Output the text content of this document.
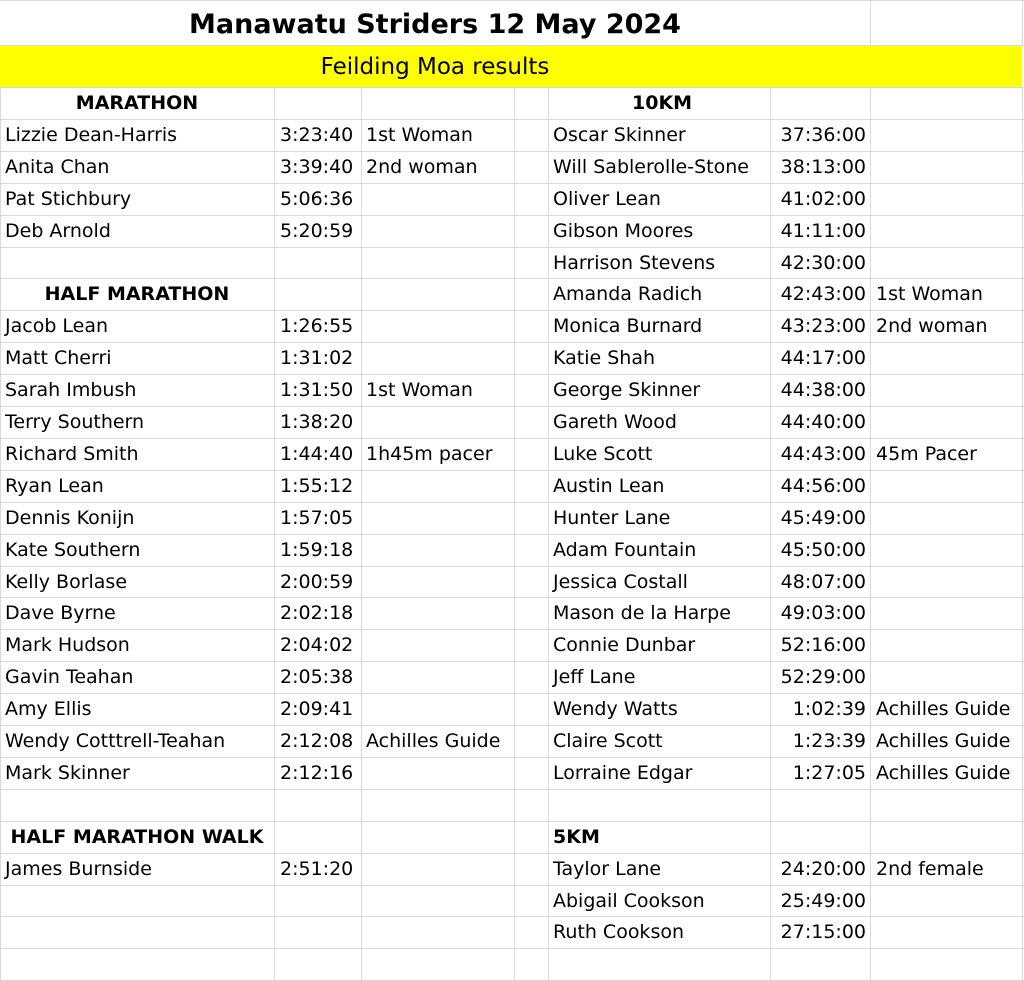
Manawatu Striders 12 May 2024
Feilding Moa results
MARATHON
Lizzie Dean-Harris	3:23:40 1st Woman
Anita Chan	3:39:40 2nd woman
Pat Stichbury	5:06:36
Deb Arnold	5:20:59
HALF MARATHON
Jacob Lean	1:26:55
Matt Cherri	1:31:02
Sarah Imbush	1:31:50 1st Woman
Terry Southern	1:38:20
Richard Smith	1:44:40 1h45m pacer
Ryan Lean	1:55:12
Dennis Konijn	1:57:05
Kate Southern	1:59:18
Kelly Borlase	2:00:59
Dave Byrne	2:02:18
Mark Hudson	2:04:02
Gavin Teahan	2:05:38
Amy Ellis	2:09:41
Wendy Cotttrell-Teahan	2:12:08 Achilles Guide
Mark Skinner	2:12:16
HALF MARATHON WALK
James Burnside	2:51:20
10KM
Oscar Skinner	37:36:00
Will Sablerolle-Stone 38:13:00
Oliver Lean	41:02:00
Gibson Moores	41:11:00
Harrison Stevens	42:30:00
Amanda Radich	42:43:00 1st Woman
Monica Burnard	43:23:00 2nd woman
Katie Shah	44:17:00
George Skinner	44:38:00
Gareth Wood	44:40:00
Luke Scott	44:43:00 45m Pacer
Austin Lean	44:56:00
Hunter Lane	45:49:00
Adam Fountain	45:50:00
Jessica Costall	48:07:00
Mason de la Harpe	49:03:00
Connie Dunbar	52:16:00
Jeff Lane	52:29:00
Wendy Watts	1:02:39 Achilles Guide
Claire Scott	1:23:39 Achilles Guide
Lorraine Edgar	1:27:05 Achilles Guide
5KM
Taylor Lane	24:20:00 2nd female
Abigail Cookson	25:49:00
Ruth Cookson	27:15:00
